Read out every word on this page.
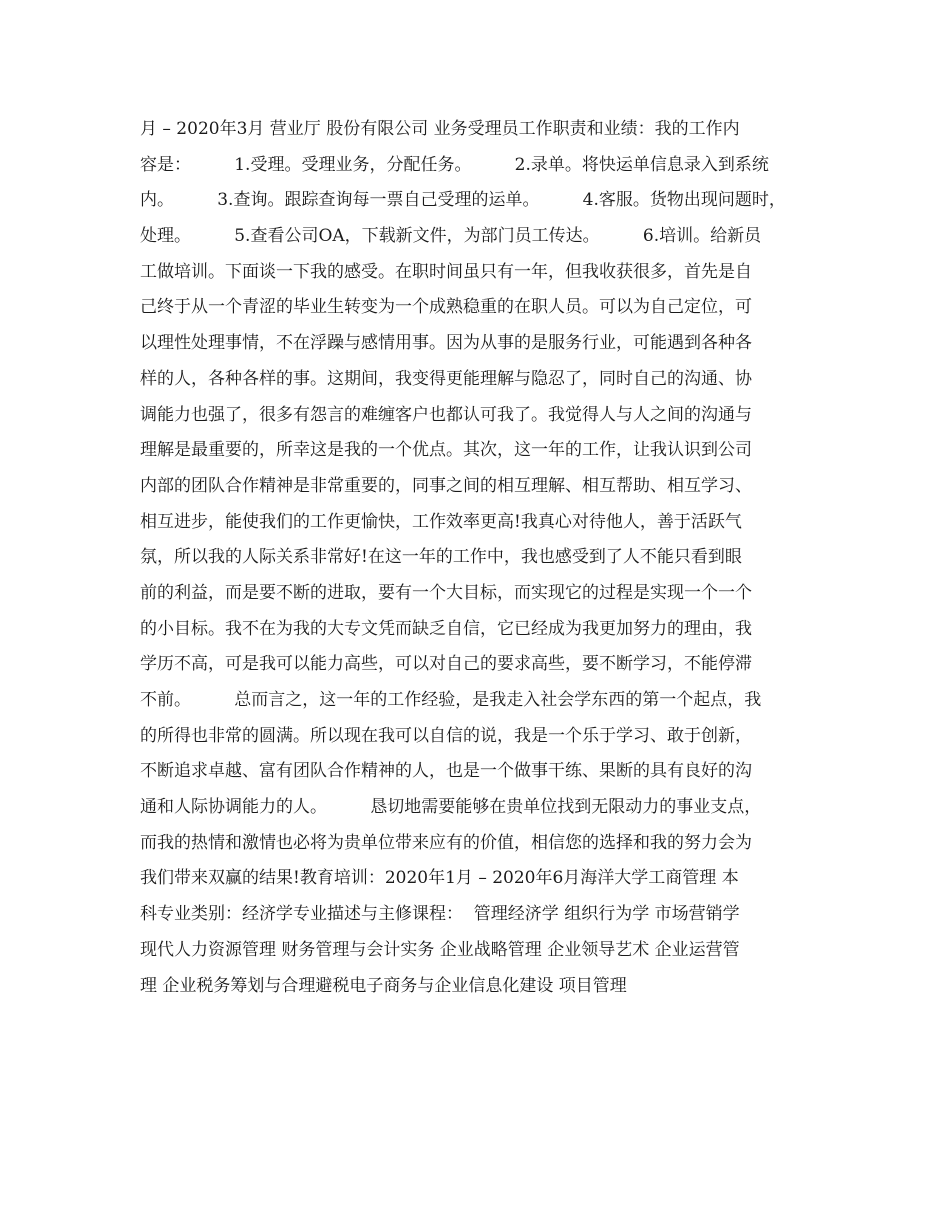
月 – 2020年3月 营业厅 股份有限公司 业务受理员工作职责和业绩：我的工作内
容是：        1.受理。受理业务，分配任务。        2.录单。将快运单信息录入到系统
内。        3.查询。跟踪查询每一票自己受理的运单。        4.客服。货物出现问题时，
处理。        5.查看公司OA，下载新文件，为部门员工传达。        6.培训。给新员
工做培训。下面谈一下我的感受。在职时间虽只有一年，但我收获很多，首先是自
己终于从一个青涩的毕业生转变为一个成熟稳重的在职人员。可以为自己定位，可
以理性处理事情，不在浮躁与感情用事。因为从事的是服务行业，可能遇到各种各
样的人，各种各样的事。这期间，我变得更能理解与隐忍了，同时自己的沟通、协
调能力也强了，很多有怨言的难缠客户也都认可我了。我觉得人与人之间的沟通与
理解是最重要的，所幸这是我的一个优点。其次，这一年的工作，让我认识到公司
内部的团队合作精神是非常重要的，同事之间的相互理解、相互帮助、相互学习、
相互进步，能使我们的工作更愉快，工作效率更高!我真心对待他人，善于活跃气
氛，所以我的人际关系非常好!在这一年的工作中，我也感受到了人不能只看到眼
前的利益，而是要不断的进取，要有一个大目标，而实现它的过程是实现一个一个
的小目标。我不在为我的大专文凭而缺乏自信，它已经成为我更加努力的理由，我
学历不高，可是我可以能力高些，可以对自己的要求高些，要不断学习，不能停滞
不前。        总而言之，这一年的工作经验，是我走入社会学东西的第一个起点，我
的所得也非常的圆满。所以现在我可以自信的说，我是一个乐于学习、敢于创新，
不断追求卓越、富有团队合作精神的人，也是一个做事干练、果断的具有良好的沟
通和人际协调能力的人。        恳切地需要能够在贵单位找到无限动力的事业支点，
而我的热情和激情也必将为贵单位带来应有的价值，相信您的选择和我的努力会为
我们带来双赢的结果!教育培训：2020年1月 – 2020年6月海洋大学工商管理 本
科专业类别：经济学专业描述与主修课程：  管理经济学 组织行为学 市场营销学
现代人力资源管理 财务管理与会计实务 企业战略管理 企业领导艺术 企业运营管
理 企业税务筹划与合理避税电子商务与企业信息化建设 项目管理
